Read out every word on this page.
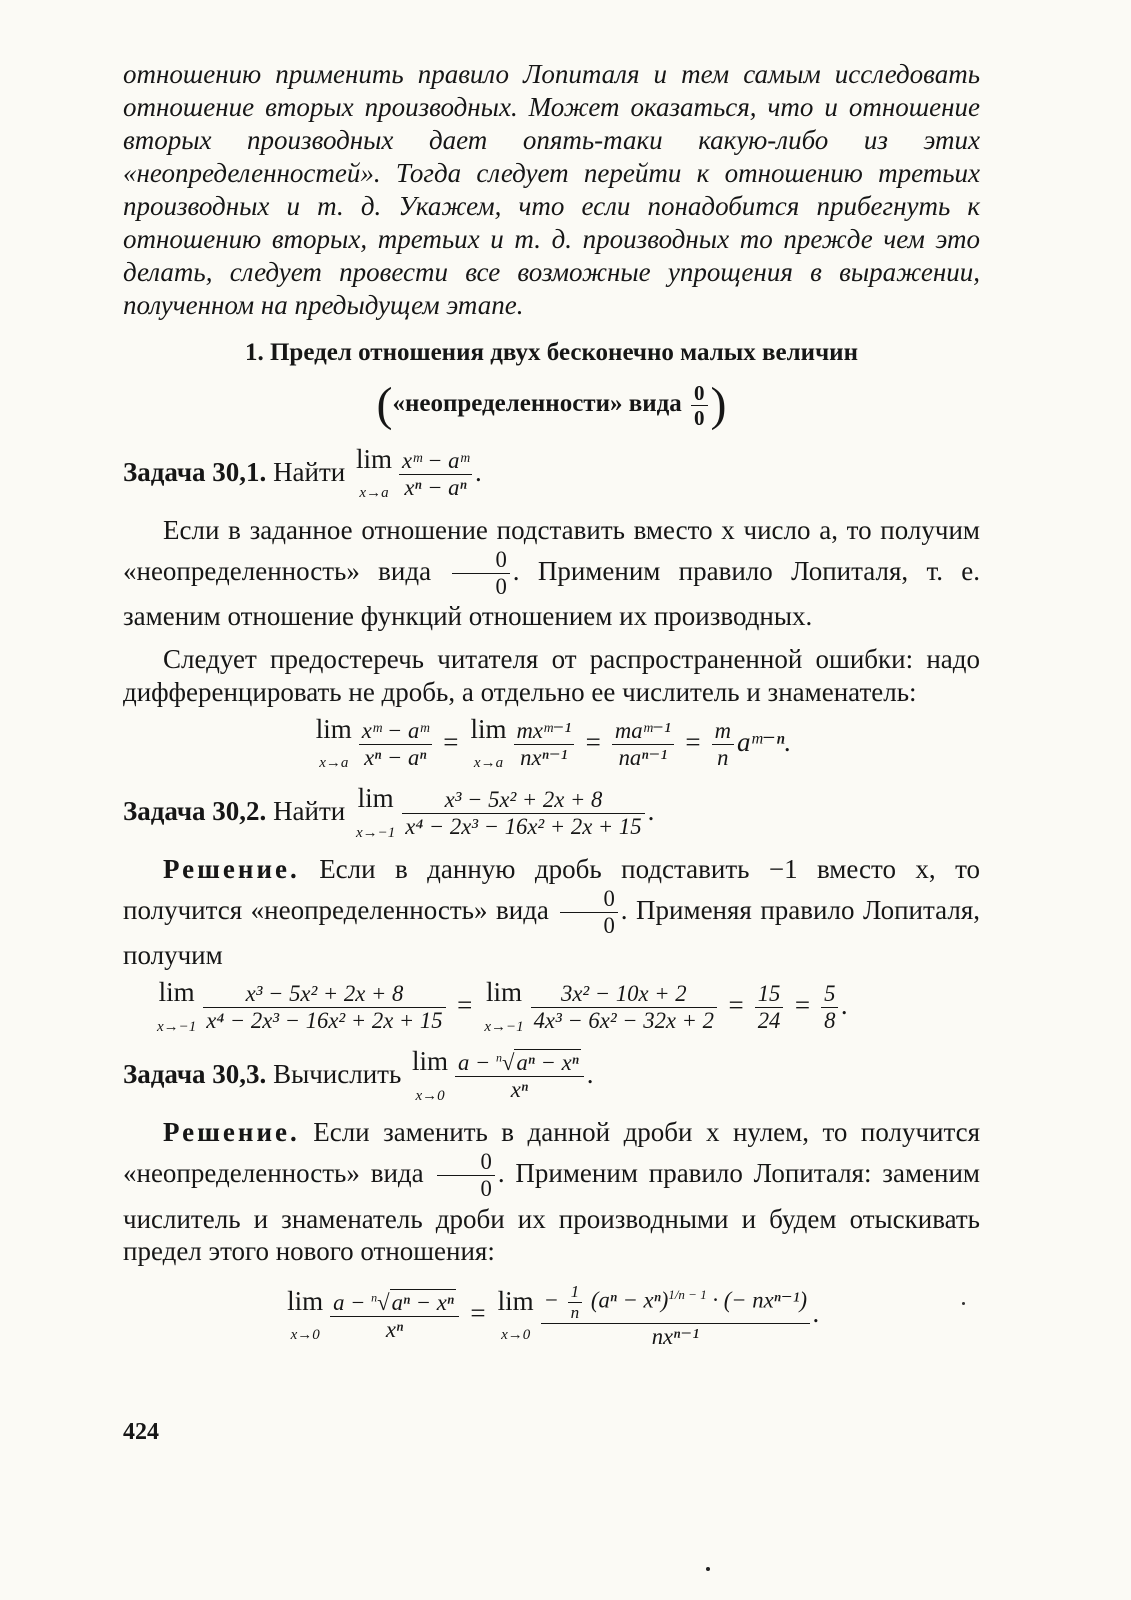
отношению применить правило Лопиталя и тем самым исследовать отношение вторых производных. Может оказаться, что и отношение вторых производных дает опять-таки какую-либо из этих «неопределенностей». Тогда следует перейти к отношению третьих производных и т. д. Укажем, что если понадобится прибегнуть к отношению вторых, третьих и т. д. производных то прежде чем это делать, следует провести все возможные упрощения в выражении, полученном на предыдущем этапе.

1. Предел отношения двух бесконечно малых величин
(«неопределенности» вида $\frac{0}{0}$ )
Задача 30,1. Найти lim
$x\to a \frac{\text{xᵐ − aᵐ}}{\text{xⁿ − aⁿ}}$ .

Если в заданное отношение подставить вместо x число a, то получим «неопределенность» вида $\frac{0}{0}$ . Применим правило Лопиталя, т. е. заменим отношение функций отношением их производных.

Следует предостеречь читателя от распространенной ошибки: надо дифференцировать не дробь, а отдельно ее числитель и знаменатель:

lim
$x\to a \frac{\text{xᵐ − aᵐ}}{\text{xⁿ − aⁿ}} = \lim$
$x\to a \frac{\text{mxᵐ⁻¹}}{\text{nxⁿ⁻¹}} = \frac{\text{maᵐ⁻¹}}{\text{naⁿ⁻¹}} = \frac{m}{n}$ aᵐ⁻ⁿ.
Задача 30,2. Найти lim
$x\to-1 \frac{\text{x³ − 5x² + 2x + 8}}{\text{x⁴ − 2x³ − 16x² + 2x + 15}}$ .

Решение. Если в данную дробь подставить −1 вместо x, то получится «неопределенность» вида $\frac{0}{0}$ . Применяя правило Лопиталя, получим

lim
$x\to-1 \frac{\text{x³ − 5x² + 2x + 8}}{\text{x⁴ − 2x³ − 16x² + 2x + 15}} = \lim$
$x\to-1 \frac{\text{3x² − 10x + 2}}{\text{4x³ − 6x² − 32x + 2}} = \frac{15}{24} = \frac{5}{8}$ .
Задача 30,3. Вычислить lim
$x\to 0 \frac{a - ^n√a^n - x^n}{\text{xⁿ}}$ .

Решение. Если заменить в данной дроби x нулем, то получится «неопределенность» вида $\frac{0}{0}$ . Применим правило Лопиталя: заменим числитель и знаменатель дроби их производными и будем отыскивать предел этого нового отношения:

lim
$x\to 0 \frac{a - ^n√a^n - x^n}{\text{xⁿ}} = \lim$
$x\to 0 \frac{- \frac{1}{n} (a^n - x^n)^{1/n - 1} \cdot (- nx^{n-1})}{\text{nxⁿ⁻¹}}$ .
424
